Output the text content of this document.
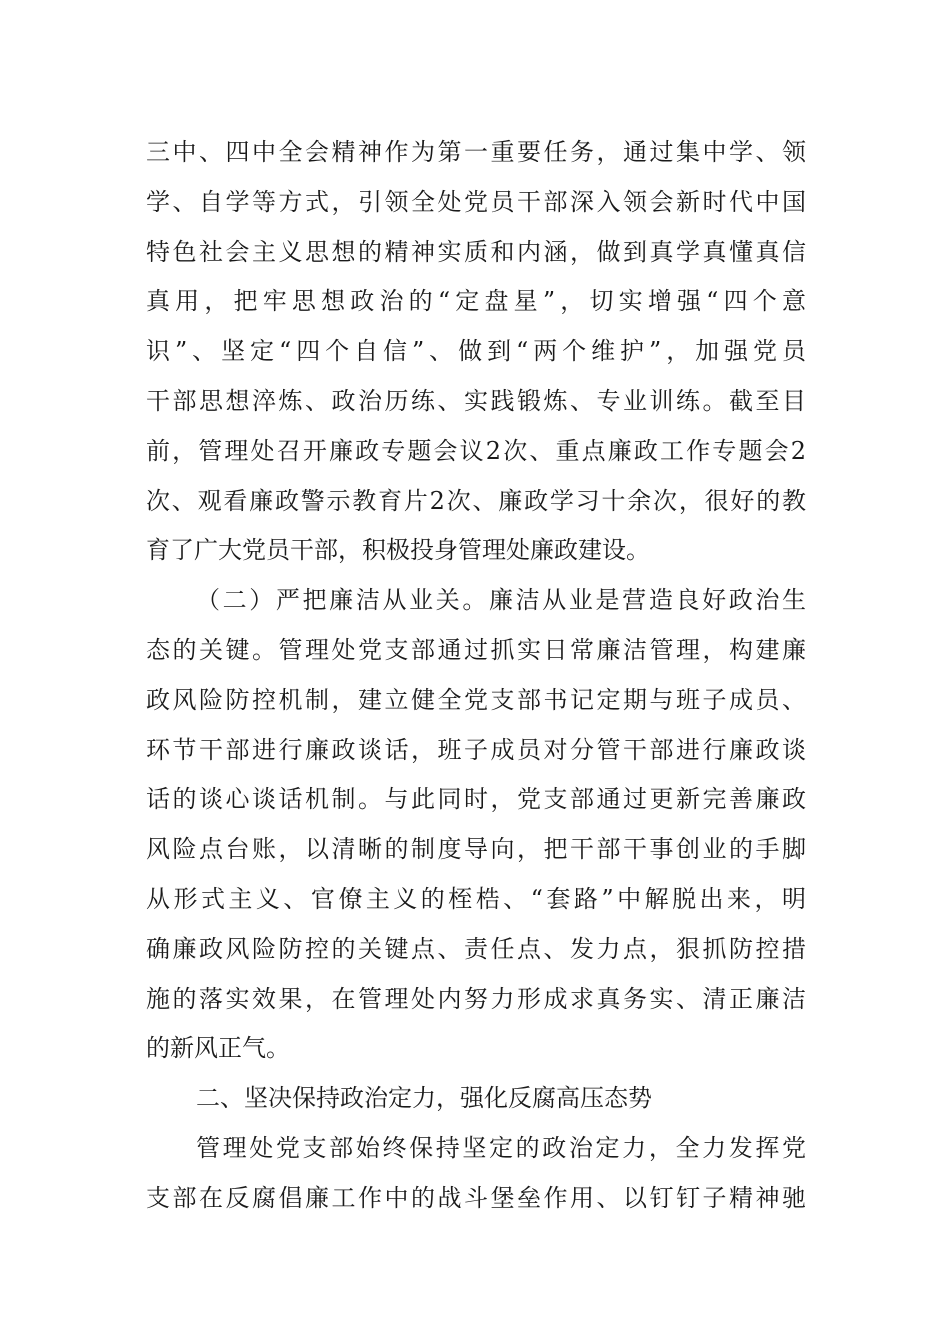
三中、四中全会精神作为第一重要任务，通过集中学、领
学、自学等方式，引领全处党员干部深入领会新时代中国
特色社会主义思想的精神实质和内涵，做到真学真懂真信
真用，把牢思想政治的“定盘星”，切实增强“四个意
识”、坚定“四个自信”、做到“两个维护”，加强党员
干部思想淬炼、政治历练、实践锻炼、专业训练。截至目
前，管理处召开廉政专题会议2次、重点廉政工作专题会2
次、观看廉政警示教育片2次、廉政学习十余次，很好的教
育了广大党员干部，积极投身管理处廉政建设。
（二）严把廉洁从业关。廉洁从业是营造良好政治生
态的关键。管理处党支部通过抓实日常廉洁管理，构建廉
政风险防控机制，建立健全党支部书记定期与班子成员、
环节干部进行廉政谈话，班子成员对分管干部进行廉政谈
话的谈心谈话机制。与此同时，党支部通过更新完善廉政
风险点台账，以清晰的制度导向，把干部干事创业的手脚
从形式主义、官僚主义的桎梏、“套路”中解脱出来，明
确廉政风险防控的关键点、责任点、发力点，狠抓防控措
施的落实效果，在管理处内努力形成求真务实、清正廉洁
的新风正气。
二、坚决保持政治定力，强化反腐高压态势
管理处党支部始终保持坚定的政治定力，全力发挥党
支部在反腐倡廉工作中的战斗堡垒作用、以钉钉子精神驰
